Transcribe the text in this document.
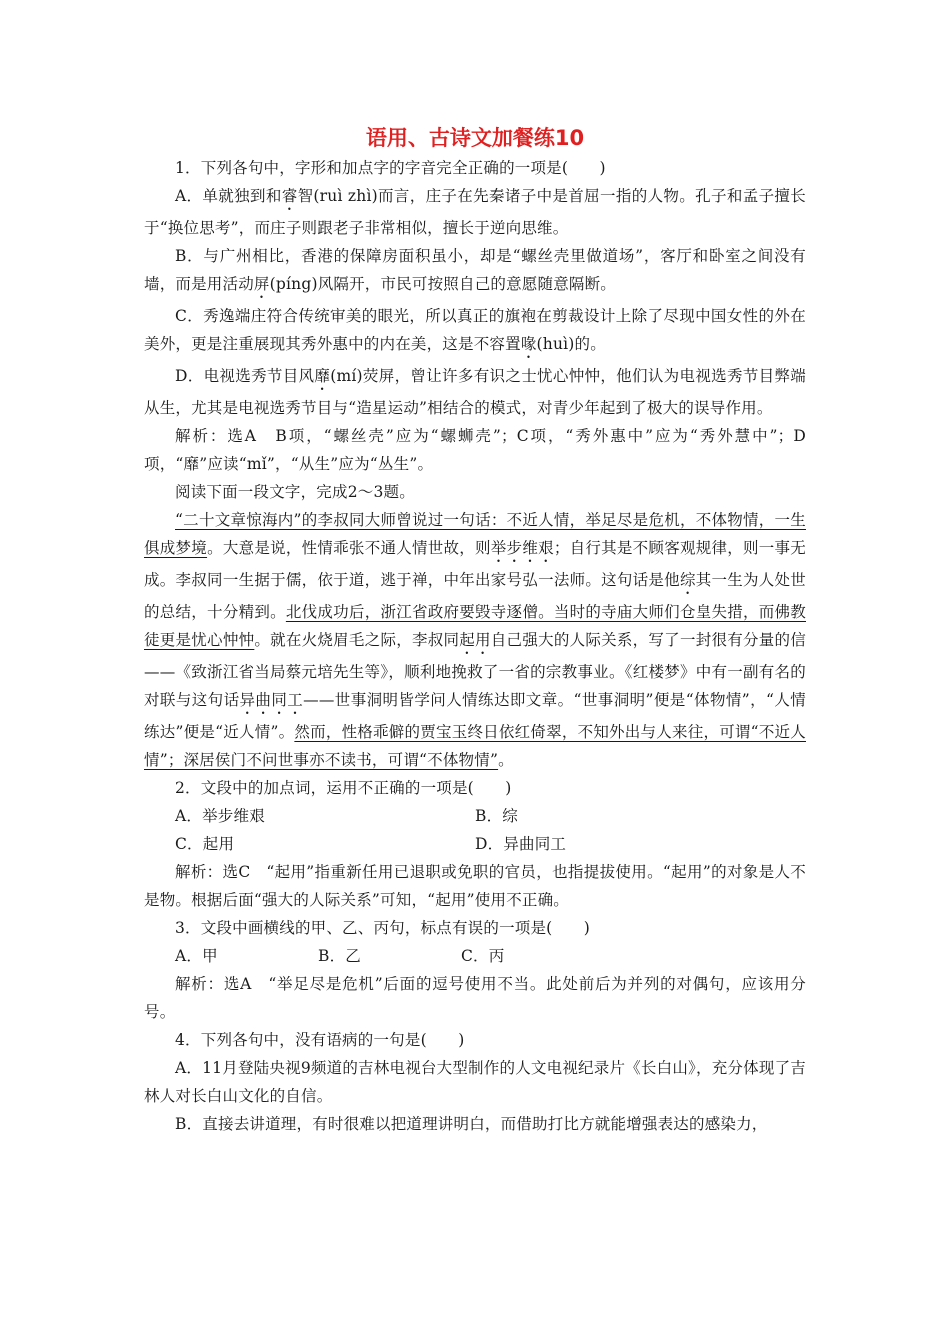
语用、古诗文加餐练10

1．下列各句中，字形和加点字的字音完全正确的一项是(　　)

A．单就独到和睿智(ruì zhì)而言，庄子在先秦诸子中是首屈一指的人物。孔子和孟子擅长于“换位思考”，而庄子则跟老子非常相似，擅长于逆向思维。

B．与广州相比，香港的保障房面积虽小，却是“螺丝壳里做道场”，客厅和卧室之间没有墙，而是用活动屏(píng)风隔开，市民可按照自己的意愿随意隔断。

C．秀逸端庄符合传统审美的眼光，所以真正的旗袍在剪裁设计上除了尽现中国女性的外在美外，更是注重展现其秀外惠中的内在美，这是不容置喙(huì)的。

D．电视选秀节目风靡(mí)荧屏，曾让许多有识之士忧心忡忡，他们认为电视选秀节目弊端从生，尤其是电视选秀节目与“造星运动”相结合的模式，对青少年起到了极大的误导作用。

解析：选A　B项，“螺丝壳”应为“螺蛳壳”；C项，“秀外惠中”应为“秀外慧中”；D项，“靡”应读“mǐ”，“从生”应为“丛生”。

阅读下面一段文字，完成2～3题。

“二十文章惊海内”的李叔同大师曾说过一句话：不近人情，举足尽是危机，不体物情，一生俱成梦境。大意是说，性情乖张不通人情世故，则举步维艰；自行其是不顾客观规律，则一事无成。李叔同一生据于儒，依于道，逃于禅，中年出家号弘一法师。这句话是他综其一生为人处世的总结，十分精到。北伐成功后，浙江省政府要毁寺逐僧。当时的寺庙大师们仓皇失措，而佛教徒更是忧心忡忡。就在火烧眉毛之际，李叔同起用自己强大的人际关系，写了一封很有分量的信——《致浙江省当局蔡元培先生等》，顺利地挽救了一省的宗教事业。《红楼梦》中有一副有名的对联与这句话异曲同工——世事洞明皆学问人情练达即文章。“世事洞明”便是“体物情”，“人情练达”便是“近人情”。然而，性格乖僻的贾宝玉终日依红倚翠，不知外出与人来往，可谓“不近人情”；深居侯门不问世事亦不读书，可谓“不体物情”。

2．文段中的加点词，运用不正确的一项是(　　)

A．举步维艰	B．综
C．起用	D．异曲同工

解析：选C　“起用”指重新任用已退职或免职的官员，也指提拔使用。“起用”的对象是人不是物。根据后面“强大的人际关系”可知，“起用”使用不正确。

3．文段中画横线的甲、乙、丙句，标点有误的一项是(　　)

A．甲	B．乙	C．丙

解析：选A　“举足尽是危机”后面的逗号使用不当。此处前后为并列的对偶句，应该用分号。

4．下列各句中，没有语病的一句是(　　)

A．11月登陆央视9频道的吉林电视台大型制作的人文电视纪录片《长白山》，充分体现了吉林人对长白山文化的自信。

B．直接去讲道理，有时很难以把道理讲明白，而借助打比方就能增强表达的感染力，
